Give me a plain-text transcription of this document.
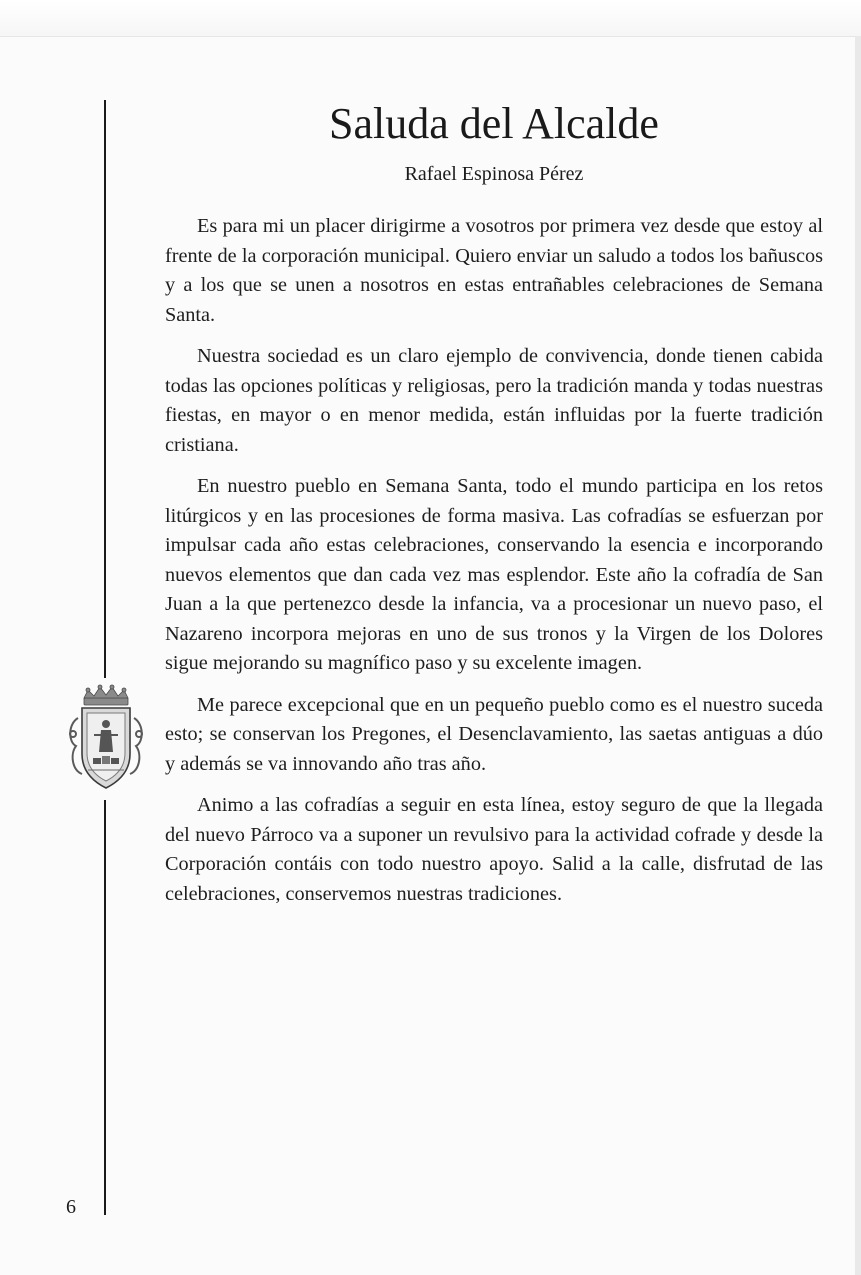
Saluda del Alcalde

Rafael Espinosa Pérez

Es para mi un placer dirigirme a vosotros por primera vez desde que estoy al frente de la corporación municipal. Quiero enviar un saludo a todos los bañuscos y a los que se unen a nosotros en estas entrañables celebraciones de Semana Santa.

Nuestra sociedad es un claro ejemplo de convivencia, donde tienen cabida todas las opciones políticas y religiosas, pero la tradición manda y todas nuestras fiestas, en mayor o en menor medida, están influidas por la fuerte tradición cristiana.

En nuestro pueblo en Semana Santa, todo el mundo participa en los retos litúrgicos y en las procesiones de forma masiva. Las cofradías se esfuerzan por impulsar cada año estas celebraciones, conservando la esencia e incorporando nuevos elementos que dan cada vez mas esplendor. Este año la cofradía de San Juan a la que pertenezco desde la infancia, va a procesionar un nuevo paso, el Nazareno incorpora mejoras en uno de sus tronos y la Virgen de los Dolores sigue mejorando su magnífico paso y su excelente imagen.

Me parece excepcional que en un pequeño pueblo como es el nuestro suceda esto; se conservan los Pregones, el Desenclavamiento, las saetas antiguas a dúo y además se va innovando año tras año.

Animo a las cofradías a seguir en esta línea, estoy seguro de que la llegada del nuevo Párroco va a suponer un revulsivo para la actividad cofrade y desde la Corporación contáis con todo nuestro apoyo. Salid a la calle, disfrutad de las celebraciones, conservemos nuestras tradiciones.

6
